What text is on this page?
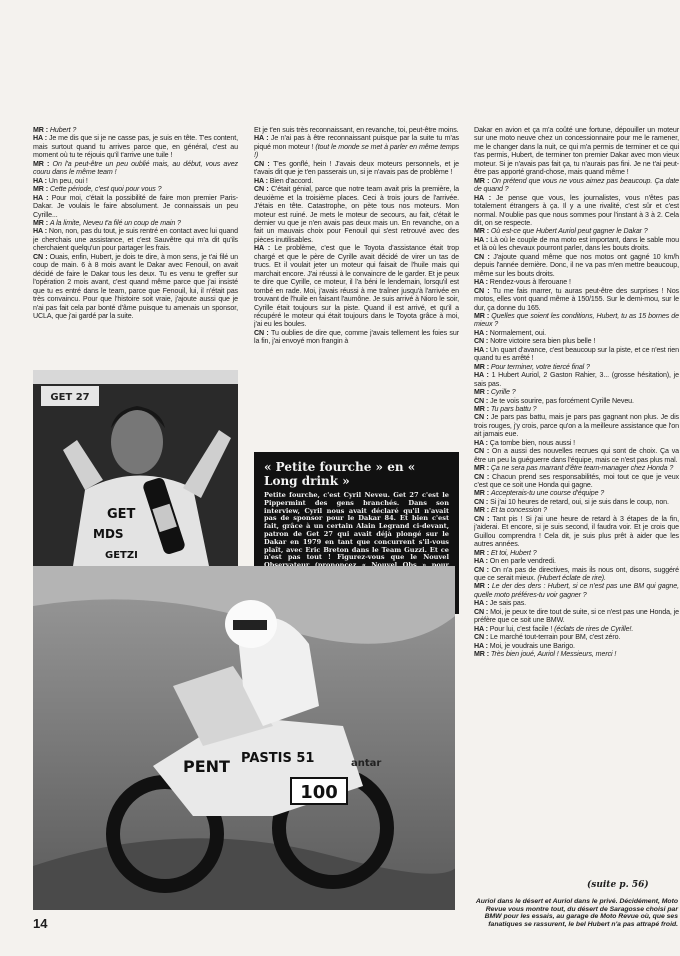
MR : Hubert ?

HA : Je me dis que si je ne casse pas, je suis en tête. T'es content, mais surtout quand tu arrives parce que, en général, c'est au moment où tu te réjouis qu'il t'arrive une tuile !

MR : On l'a peut-être un peu oublié mais, au début, vous avez couru dans le même team !

HA : Un peu, oui !

MR : Cette période, c'est quoi pour vous ?

HA : Pour moi, c'était la possibilité de faire mon premier Paris-Dakar. Je voulais le faire absolument. Je connaissais un peu Cyrille...

MR : A la limite, Neveu t'a filé un coup de main ?

HA : Non, non, pas du tout, je suis rentré en contact avec lui quand je cherchais une assistance, et c'est Sauvêtre qui m'a dit qu'ils cherchaient quelqu'un pour partager les frais.

CN : Ouais, enfin, Hubert, je dois te dire, à mon sens, je t'ai filé un coup de main. 6 à 8 mois avant le Dakar avec Fenouil, on avait décidé de faire le Dakar tous les deux. Tu es venu te greffer sur l'opération 2 mois avant, c'est quand même parce que j'ai insisté que tu es entré dans le team, parce que Fenouil, lui, il n'était pas très convaincu. Pour que l'histoire soit vraie, j'ajoute aussi que je n'ai pas fait cela par bonté d'âme puisque tu amenais un sponsor, UCLA, que j'ai gardé par la suite.

Et je t'en suis très reconnaissant, en revanche, toi, peut-être moins.

HA : Je n'ai pas à être reconnaissant puisque par la suite tu m'as piqué mon moteur ! (tout le monde se met à parler en même temps !)

CN : T'es gonflé, hein ! J'avais deux moteurs personnels, et je t'avais dit que je t'en passerais un, si je n'avais pas de problème !

HA : Bien d'accord.

CN : C'était génial, parce que notre team avait pris la première, la deuxième et la troisième places. Ceci à trois jours de l'arrivée. J'étais en tête. Catastrophe, on pète tous nos moteurs. Mon moteur est ruiné. Je mets le moteur de secours, au fait, c'était le dernier vu que je n'en avais pas deux mais un. En revanche, on a fait un mauvais choix pour Fenouil qui s'est retrouvé avec des pièces inutilisables.

HA : Le problème, c'est que le Toyota d'assistance était trop chargé et que le père de Cyrille avait décidé de virer un tas de trucs. Et il voulait jeter un moteur qui faisait de l'huile mais qui marchait encore. J'ai réussi à le convaincre de le garder. Et je peux te dire que Cyrille, ce moteur, il l'a béni le lendemain, lorsqu'il est tombé en rade. Moi, j'avais réussi à me traîner jusqu'à l'arrivée en trouvant de l'huile en faisant l'aumône. Je suis arrivé à Nioro le soir, Cyrille était toujours sur la piste. Quand il est arrivé, et qu'il a récupéré le moteur qui était toujours dans le Toyota grâce à moi, j'ai eu les boules.

CN : Tu oublies de dire que, comme j'avais tellement les foies sur la fin, j'ai envoyé mon frangin à

Dakar en avion et ça m'a coûté une fortune, dépouiller un moteur sur une moto neuve chez un concessionnaire pour me le ramener, me le changer dans la nuit, ce qui m'a permis de terminer et ce qui t'as permis, Hubert, de terminer ton premier Dakar avec mon vieux moteur. Si je n'avais pas fait ça, tu n'aurais pas fini. Je ne t'ai peut-être pas apporté grand-chose, mais quand même !

MR : On prétend que vous ne vous aimez pas beaucoup. Ça date de quand ?

HA : Je pense que vous, les journalistes, vous n'êtes pas totalement étrangers à ça. Il y a une rivalité, c'est sûr et c'est normal. N'oublie pas que nous sommes pour l'instant à 3 à 2. Cela dit, on se respecte.

MR : Où est-ce que Hubert Auriol peut gagner le Dakar ?

HA : Là où le couple de ma moto est important, dans le sable mou et là où les chevaux pourront parler, dans les bouts droits.

CN : J'ajoute quand même que nos motos ont gagné 10 km/h depuis l'année dernière. Donc, il ne va pas m'en mettre beaucoup, même sur les bouts droits.

HA : Rendez-vous à Iferouane !

CN : Tu me fais marrer, tu auras peut-être des surprises ! Nos motos, elles vont quand même à 150/155. Sur le demi-mou, sur le dur, ça donne du 165.

MR : Quelles que soient les conditions, Hubert, tu as 15 bornes de mieux ?

HA : Normalement, oui.

CN : Notre victoire sera bien plus belle !

HA : Un quart d'avance, c'est beaucoup sur la piste, et ce n'est rien quand tu es arrêté !

MR : Pour terminer, votre tiercé final ?

HA : 1 Hubert Auriol, 2 Gaston Rahier, 3... (grosse hésitation), je sais pas.

MR : Cyrille ?

CN : Je te vois sourire, pas forcément Cyrille Neveu.

MR : Tu pars battu ?

CN : Je pars pas battu, mais je pars pas gagnant non plus. Je dis trois rouges, j'y crois, parce qu'on a la meilleure assistance que l'on ait jamais eue.

HA : Ça tombe bien, nous aussi !

CN : On a aussi des nouvelles recrues qui sont de choix. Ça va être un peu la guéguerre dans l'équipe, mais ce n'est pas plus mal.

MR : Ça ne sera pas marrant d'être team-manager chez Honda ?

CN : Chacun prend ses responsabilités, moi tout ce que je veux c'est que ce soit une Honda qui gagne.

MR : Accepterais-tu une course d'équipe ?

CN : Si j'ai 10 heures de retard, oui, si je suis dans le coup, non.

MR : Et ta concession ?

CN : Tant pis ! Si j'ai une heure de retard à 3 étapes de la fin, j'aiderai. Et encore, si je suis second, il faudra voir. Et je crois que Guillou comprendra ! Cela dit, je suis plus prêt à aider que les autres années.

MR : Et toi, Hubert ?

HA : On en parle vendredi.

CN : On n'a pas de directives, mais ils nous ont, disons, suggéré que ce serait mieux. (Hubert éclate de rire).

MR : Le der des ders : Hubert, si ce n'est pas une BM qui gagne, quelle moto préféres-tu voir gagner ?

HA : Je sais pas.

CN : Moi, je peux te dire tout de suite, si ce n'est pas une Honda, je préfère que ce soit une BMW.

HA : Pour lui, c'est facile ! (éclats de rires de Cyrille!.

CN : Le marché tout-terrain pour BM, c'est zéro.

HA : Moi, je voudrais une Barigo.

MR : Très bien joué, Auriol ! Messieurs, merci !

GET 27
GET
MDS
GETZI
« Petite fourche » en « Long drink »
Petite fourche, c'est Cyril Neveu. Get 27 c'est le Pippermint des gens branchés. Dans son interview, Cyril nous avait déclaré qu'il n'avait pas de sponsor pour le Dakar 84. Et bien c'est fait, grâce à un certain Alain Legrand ci-devant, patron de Get 27 qui avait déjà plongé sur le Dakar en 1979 en tant que concurrent s'il-vous plaît, avec Eric Breton dans le Team Guzzi. Et ce n'est pas tout ! Figurez-vous que le Nouvel
PENT PASTIS 51
100
antar
(suite p. 56)
Auriol dans le désert et Auriol dans le privé. Décidément, Moto Revue vous montre tout, du désert de Saragosse choisi par BMW pour les essais, au garage de Moto Revue où, que ses fanatiques se rassurent, le bel Hubert n'a pas attrapé froid.
14
